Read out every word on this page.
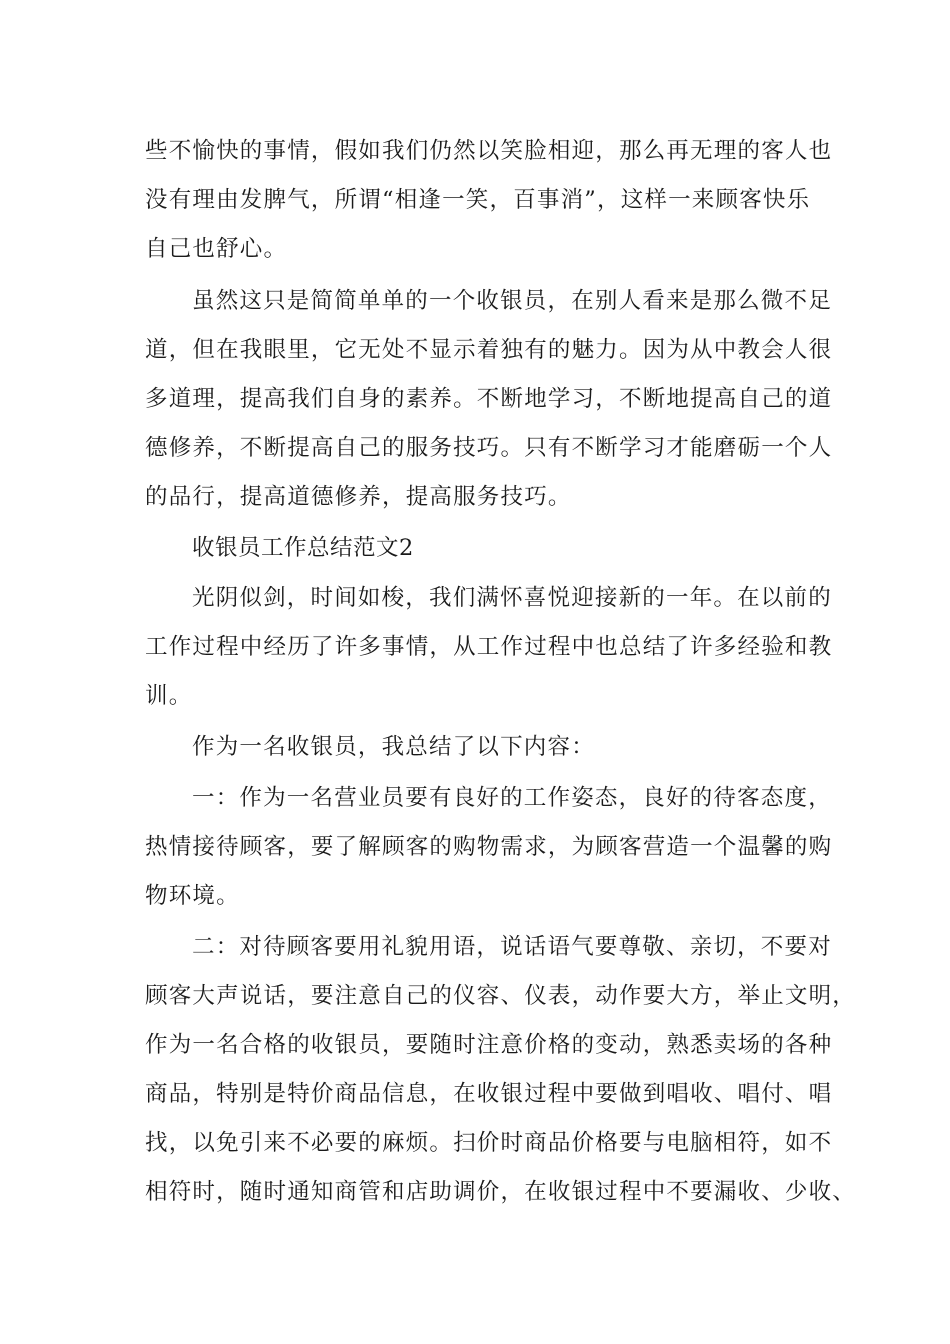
些不愉快的事情，假如我们仍然以笑脸相迎，那么再无理的客人也
没有理由发脾气，所谓“相逢一笑，百事消”，这样一来顾客快乐
自己也舒心。
虽然这只是简简单单的一个收银员，在别人看来是那么微不足
道，但在我眼里，它无处不显示着独有的魅力。因为从中教会人很
多道理，提高我们自身的素养。不断地学习，不断地提高自己的道
德修养，不断提高自己的服务技巧。只有不断学习才能磨砺一个人
的品行，提高道德修养，提高服务技巧。
收银员工作总结范文2
光阴似剑，时间如梭，我们满怀喜悦迎接新的一年。在以前的
工作过程中经历了许多事情，从工作过程中也总结了许多经验和教
训。
作为一名收银员，我总结了以下内容：
一：作为一名营业员要有良好的工作姿态，良好的待客态度，
热情接待顾客，要了解顾客的购物需求，为顾客营造一个温馨的购
物环境。
二：对待顾客要用礼貌用语，说话语气要尊敬、亲切，不要对
顾客大声说话，要注意自己的仪容、仪表，动作要大方，举止文明，
作为一名合格的收银员，要随时注意价格的变动，熟悉卖场的各种
商品，特别是特价商品信息，在收银过程中要做到唱收、唱付、唱
找，以免引来不必要的麻烦。扫价时商品价格要与电脑相符，如不
相符时，随时通知商管和店助调价，在收银过程中不要漏收、少收、
